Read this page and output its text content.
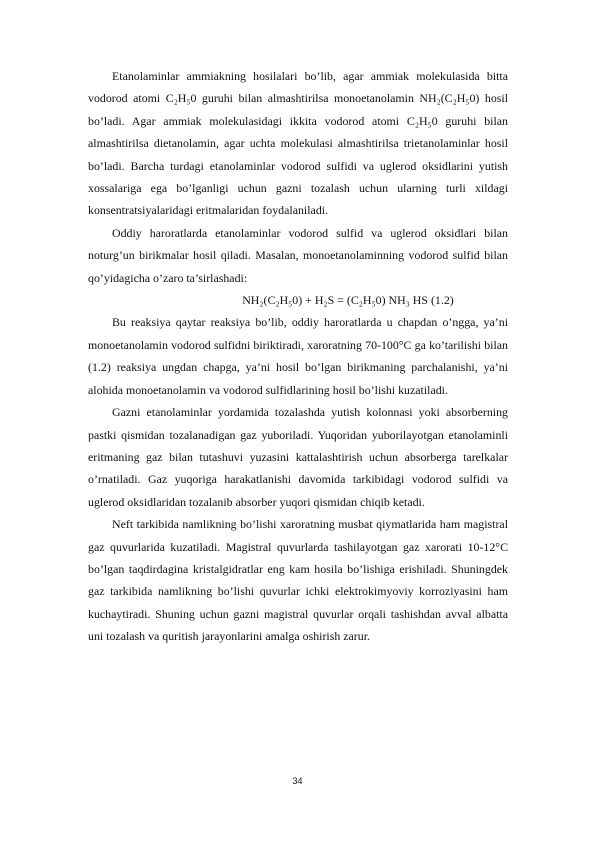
Etanolaminlar ammiakning hosilalari bo’lib, agar ammiak molekulasida bitta vodorod atomi C₂H₅0 guruhi bilan almashtirilsa monoetanolamin NH₂(C₂H₅0) hosil bo’ladi. Agar ammiak molekulasidagi ikkita vodorod atomi C₂H₅0 guruhi bilan almashtirilsa dietanolamin, agar uchta molekulasi almashtirilsa trietanolaminlar hosil bo’ladi. Barcha turdagi etanolaminlar vodorod sulfidi va uglerod oksidlarini yutish xossalariga ega bo’lganligi uchun gazni tozalash uchun ularning turli xildagi konsentratsiyalaridagi eritmalaridan foydalaniladi.

Oddiy haroratlarda etanolaminlar vodorod sulfid va uglerod oksidlari bilan noturg’un birikmalar hosil qiladi. Masalan, monoetanolaminning vodorod sulfid bilan qo’yidagicha o’zaro ta’sirlashadi:

NH₂(C₂H₅0) + H₂S = (C₂H₅0) NH₃ HS (1.2)

Bu reaksiya qaytar reaksiya bo’lib, oddiy haroratlarda u chapdan o’ngga, ya’ni monoetanolamin vodorod sulfidni biriktiradi, xaroratning 70-100°C ga ko’tarilishi bilan (1.2) reaksiya ungdan chapga, ya’ni hosil bo’lgan birikmaning parchalanishi, ya’ni alohida monoetanolamin va vodorod sulfidlarining hosil bo’lishi kuzatiladi.

Gazni etanolaminlar yordamida tozalashda yutish kolonnasi yoki absorberning pastki qismidan tozalanadigan gaz yuboriladi. Yuqoridan yuborilayotgan etanolaminli eritmaning gaz bilan tutashuvi yuzasini kattalashtirish uchun absorberga tarelkalar o’rnatiladi. Gaz yuqoriga harakatlanishi davomida tarkibidagi vodorod sulfidi va uglerod oksidlaridan tozalanib absorber yuqori qismidan chiqib ketadi.

Neft tarkibida namlikning bo’lishi xaroratning musbat qiymatlarida ham magistral gaz quvurlarida kuzatiladi. Magistral quvurlarda tashilayotgan gaz xarorati 10-12°C bo’lgan taqdirdagina kristalgidratlar eng kam hosila bo’lishiga erishiladi. Shuningdek gaz tarkibida namlikning bo’lishi quvurlar ichki elektrokimyoviy korroziyasini ham kuchaytiradi. Shuning uchun gazni magistral quvurlar orqali tashishdan avval albatta uni tozalash va quritish jarayonlarini amalga oshirish zarur.

34
